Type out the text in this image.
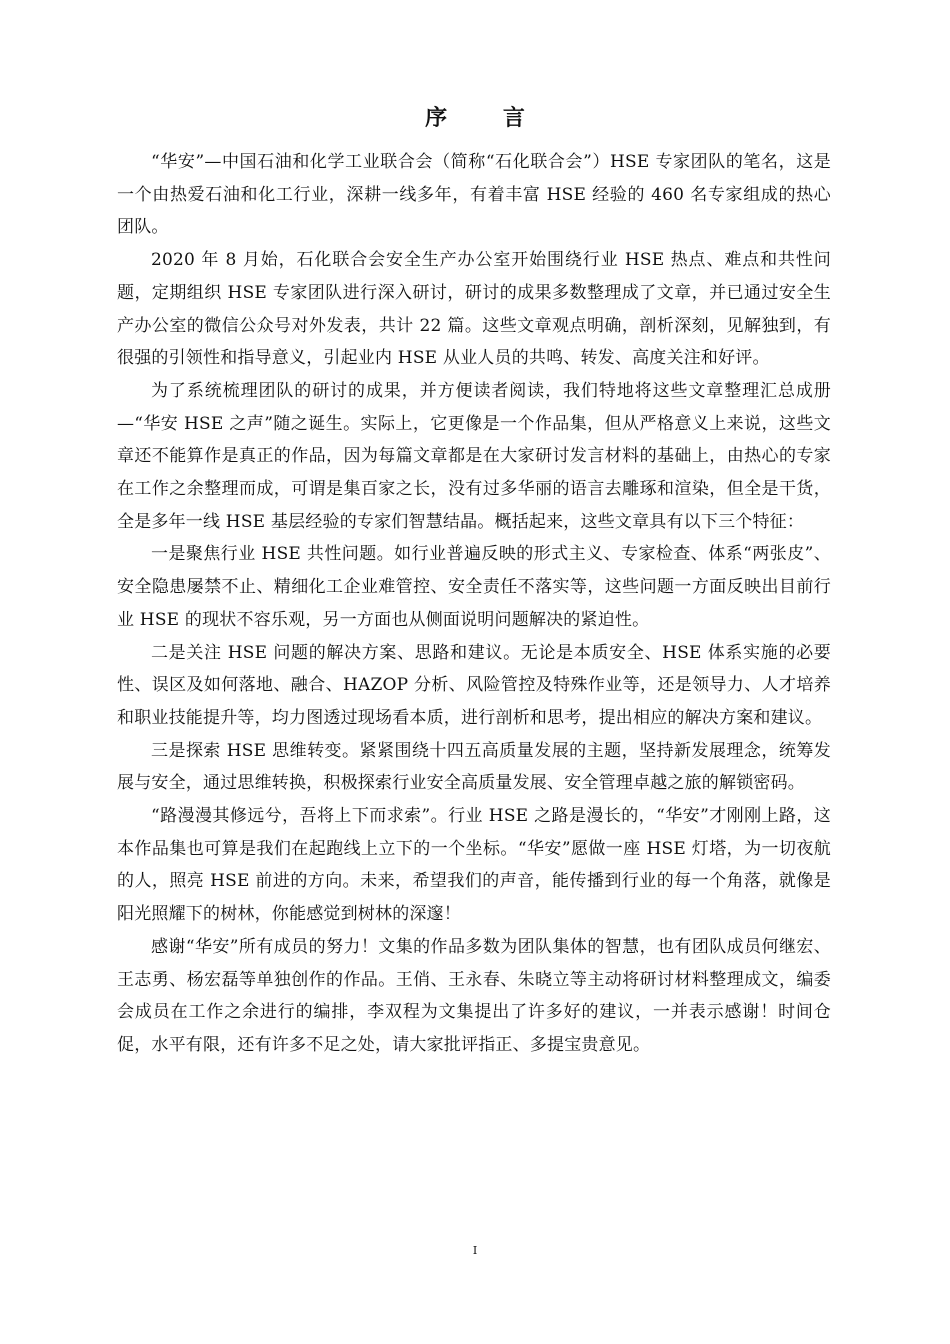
序 言

“华安”—中国石油和化学工业联合会（简称“石化联合会”）HSE 专家团队的笔名，这是一个由热爱石油和化工行业，深耕一线多年，有着丰富 HSE 经验的 460 名专家组成的热心团队。

2020 年 8 月始，石化联合会安全生产办公室开始围绕行业 HSE 热点、难点和共性问题，定期组织 HSE 专家团队进行深入研讨，研讨的成果多数整理成了文章，并已通过安全生产办公室的微信公众号对外发表，共计 22 篇。这些文章观点明确，剖析深刻，见解独到，有很强的引领性和指导意义，引起业内 HSE 从业人员的共鸣、转发、高度关注和好评。

为了系统梳理团队的研讨的成果，并方便读者阅读，我们特地将这些文章整理汇总成册—“华安 HSE 之声”随之诞生。实际上，它更像是一个作品集，但从严格意义上来说，这些文章还不能算作是真正的作品，因为每篇文章都是在大家研讨发言材料的基础上，由热心的专家在工作之余整理而成，可谓是集百家之长，没有过多华丽的语言去雕琢和渲染，但全是干货，全是多年一线 HSE 基层经验的专家们智慧结晶。概括起来，这些文章具有以下三个特征：

一是聚焦行业 HSE 共性问题。如行业普遍反映的形式主义、专家检查、体系“两张皮”、安全隐患屡禁不止、精细化工企业难管控、安全责任不落实等，这些问题一方面反映出目前行业 HSE 的现状不容乐观，另一方面也从侧面说明问题解决的紧迫性。

二是关注 HSE 问题的解决方案、思路和建议。无论是本质安全、HSE 体系实施的必要性、误区及如何落地、融合、HAZOP 分析、风险管控及特殊作业等，还是领导力、人才培养和职业技能提升等，均力图透过现场看本质，进行剖析和思考，提出相应的解决方案和建议。

三是探索 HSE 思维转变。紧紧围绕十四五高质量发展的主题，坚持新发展理念，统筹发展与安全，通过思维转换，积极探索行业安全高质量发展、安全管理卓越之旅的解锁密码。

“路漫漫其修远兮，吾将上下而求索”。行业 HSE 之路是漫长的，“华安”才刚刚上路，这本作品集也可算是我们在起跑线上立下的一个坐标。“华安”愿做一座 HSE 灯塔，为一切夜航的人，照亮 HSE 前进的方向。未来，希望我们的声音，能传播到行业的每一个角落，就像是阳光照耀下的树林，你能感觉到树林的深邃！

感谢“华安”所有成员的努力！文集的作品多数为团队集体的智慧，也有团队成员何继宏、王志勇、杨宏磊等单独创作的作品。王俏、王永春、朱晓立等主动将研讨材料整理成文，编委会成员在工作之余进行的编排，李双程为文集提出了许多好的建议，一并表示感谢！时间仓促，水平有限，还有许多不足之处，请大家批评指正、多提宝贵意见。

I
